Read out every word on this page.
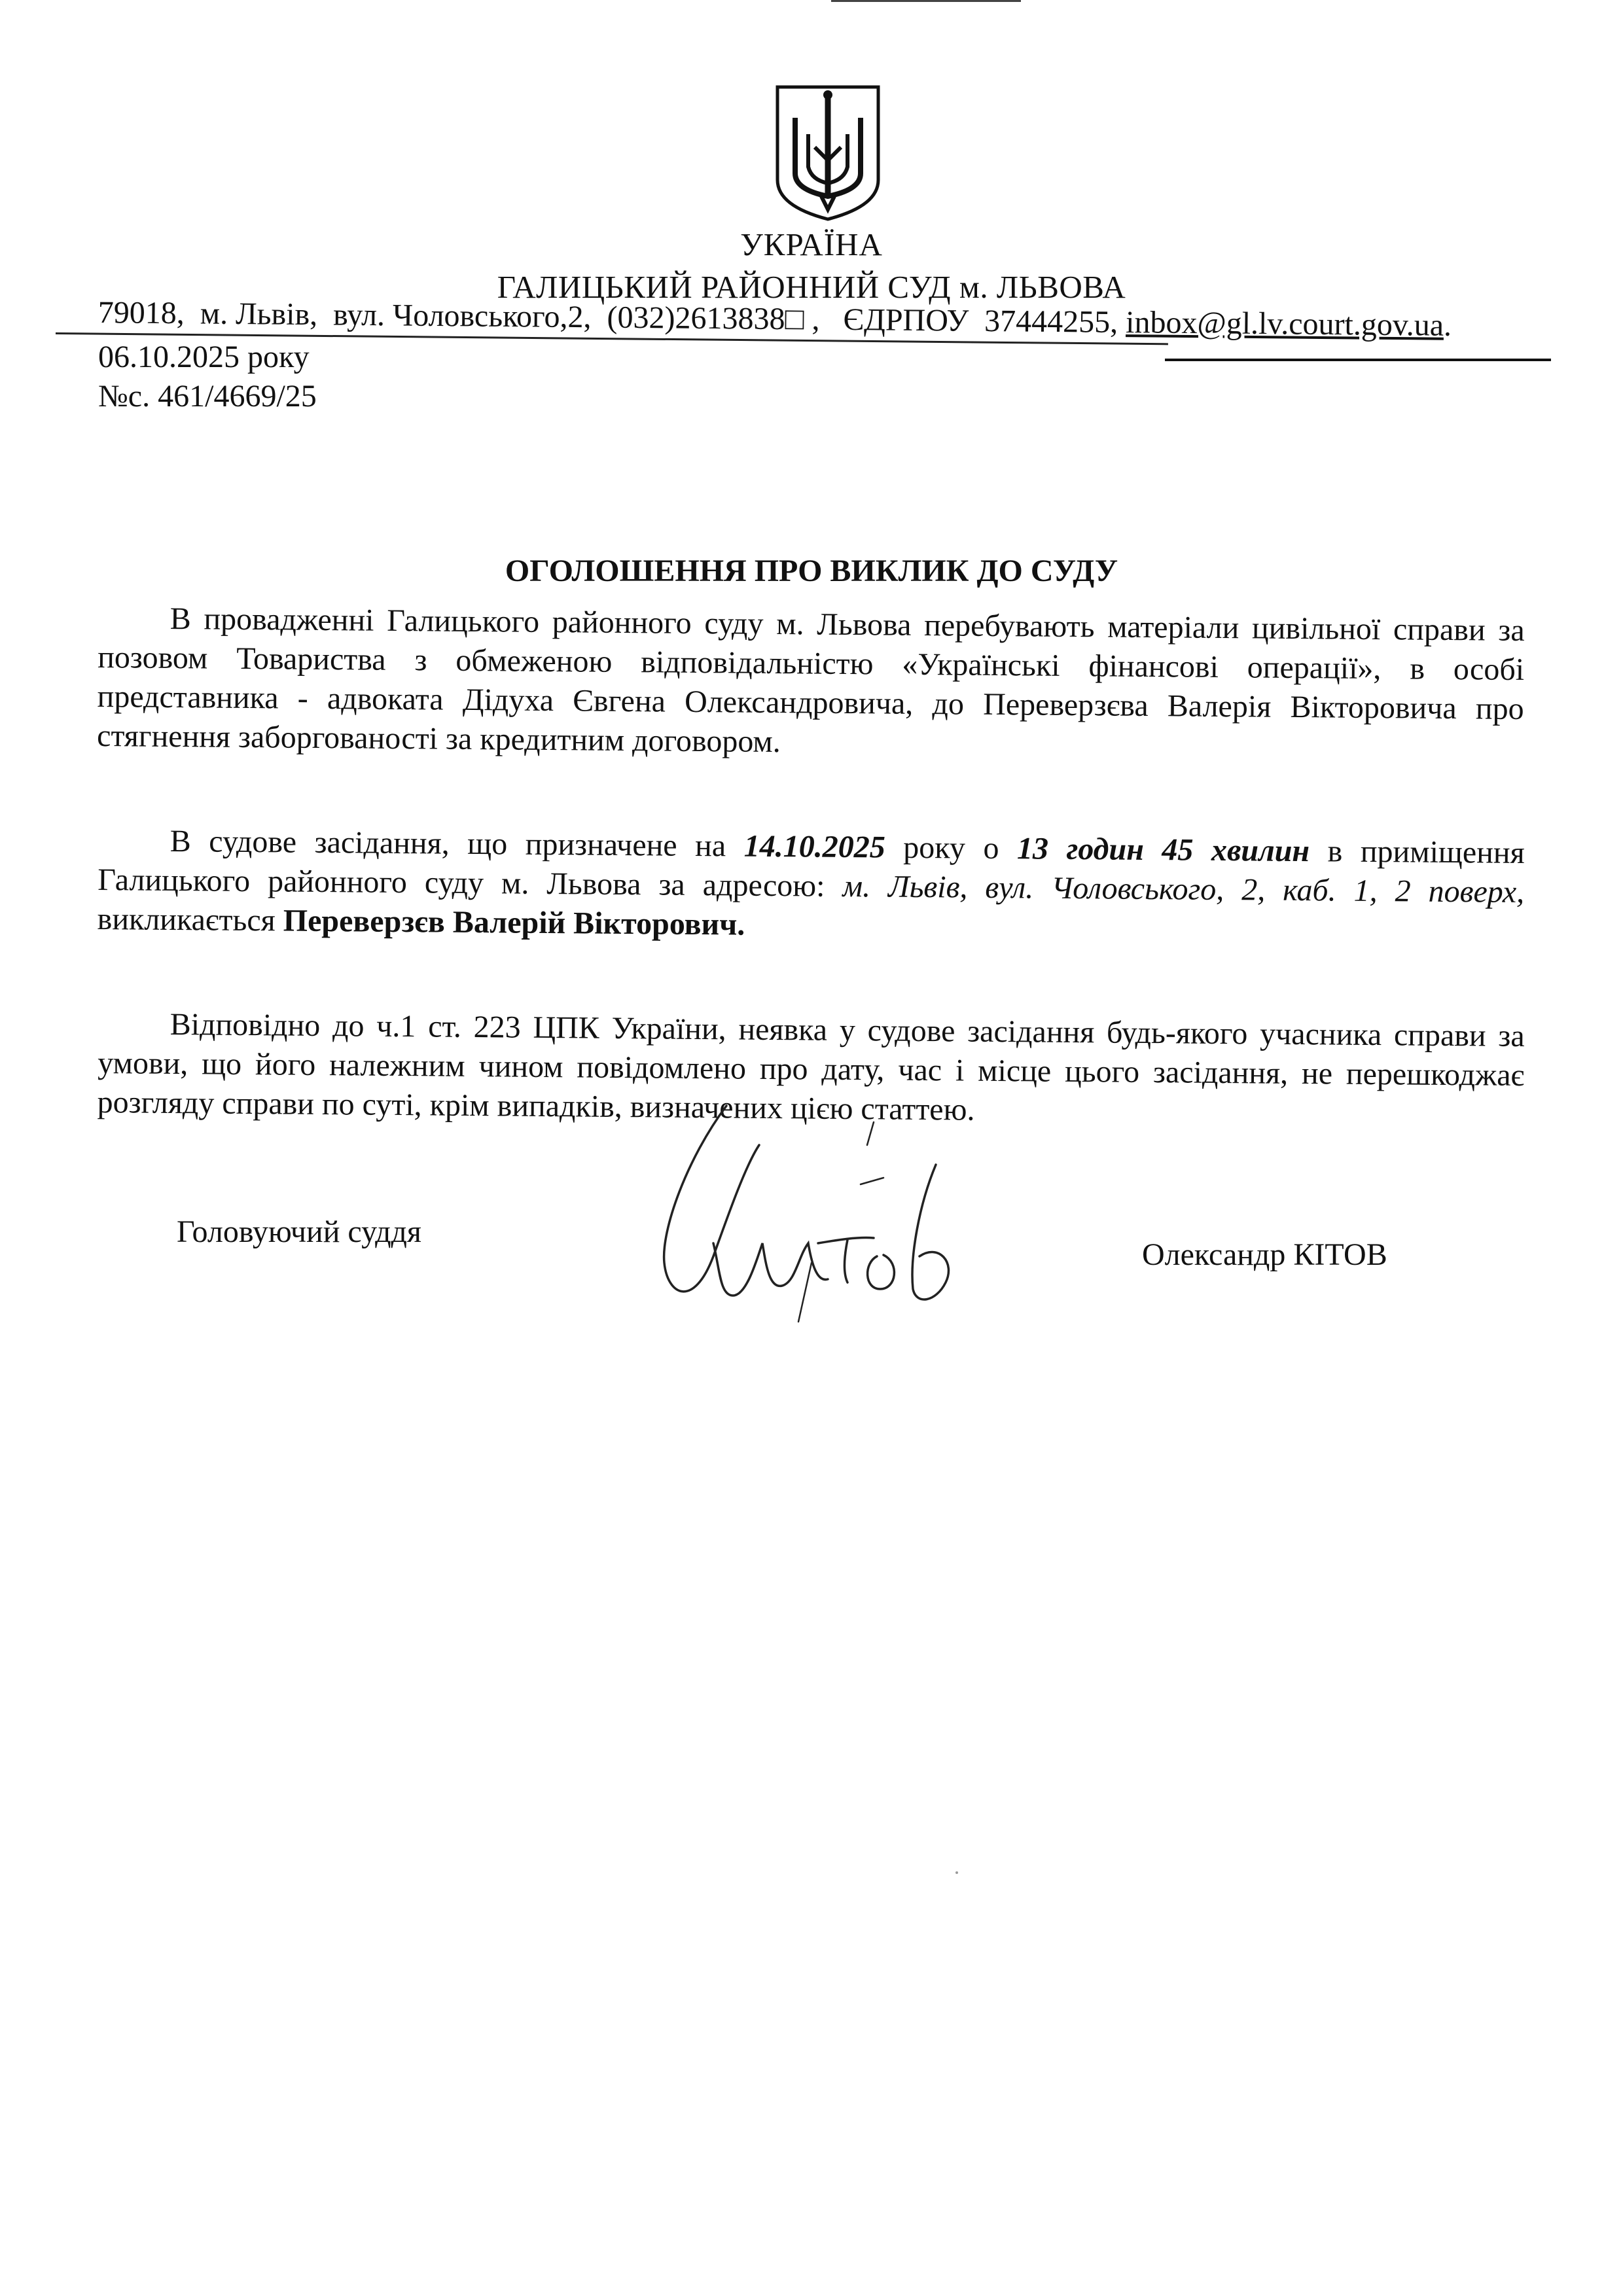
УКРАЇНА
ГАЛИЦЬКИЙ РАЙОННИЙ СУД м. ЛЬВОВА
79018,  м. Львів,  вул. Чоловського,2,  (032)2613838□ ,   ЄДРПОУ  37444255, inbox@gl.lv.court.gov.ua.
06.10.2025 року
№с. 461/4669/25
ОГОЛОШЕННЯ ПРО ВИКЛИК ДО СУДУ
В провадженні Галицького районного суду м. Львова перебувають матеріали цивільної справи за позовом Товариства з обмеженою відповідальністю «Українські фінансові операції», в особі представника - адвоката Дідуха Євгена Олександровича, до Переверзєва Валерія Вікторовича про стягнення заборгованості за кредитним договором.
В судове засідання, що призначене на 14.10.2025 року о 13 годин 45 хвилин в приміщення Галицького районного суду м. Львова за адресою: м. Львів, вул. Чоловського, 2, каб. 1, 2 поверх, викликається Переверзєв Валерій Вікторович.
Відповідно до ч.1 ст. 223 ЦПК України, неявка у судове засідання будь-якого учасника справи за умови, що його належним чином повідомлено про дату, час і місце цього засідання, не перешкоджає розгляду справи по суті, крім випадків, визначених цією статтею.
Головуючий суддя
Олександр КІТОВ
